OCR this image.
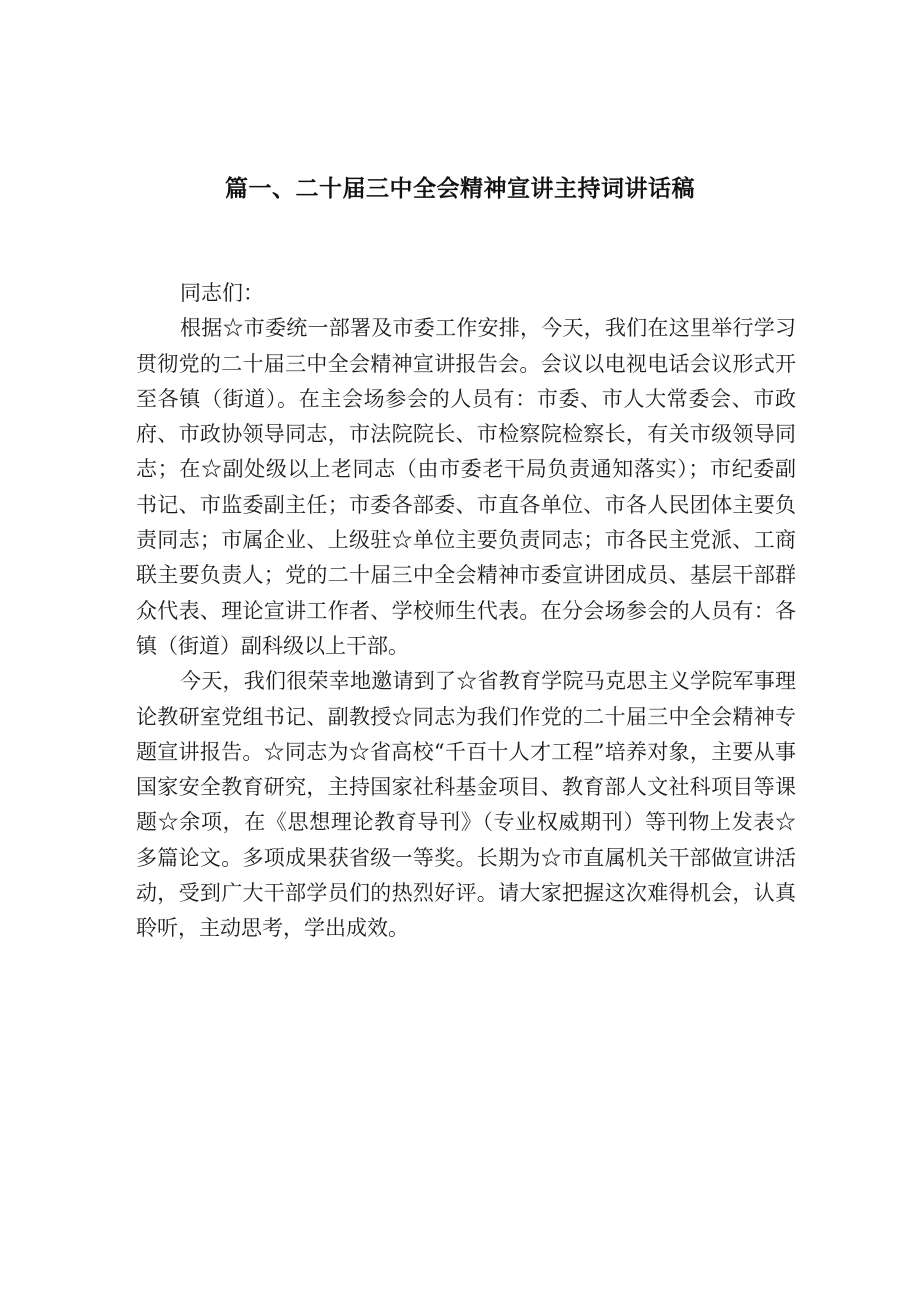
篇一、二十届三中全会精神宣讲主持词讲话稿

同志们：

根据☆市委统一部署及市委工作安排，今天，我们在这里举行学习贯彻党的二十届三中全会精神宣讲报告会。会议以电视电话会议形式开至各镇（街道）。在主会场参会的人员有：市委、市人大常委会、市政府、市政协领导同志，市法院院长、市检察院检察长，有关市级领导同志；在☆副处级以上老同志（由市委老干局负责通知落实）；市纪委副书记、市监委副主任；市委各部委、市直各单位、市各人民团体主要负责同志；市属企业、上级驻☆单位主要负责同志；市各民主党派、工商联主要负责人；党的二十届三中全会精神市委宣讲团成员、基层干部群众代表、理论宣讲工作者、学校师生代表。在分会场参会的人员有：各镇（街道）副科级以上干部。

今天，我们很荣幸地邀请到了☆省教育学院马克思主义学院军事理论教研室党组书记、副教授☆同志为我们作党的二十届三中全会精神专题宣讲报告。☆同志为☆省高校“千百十人才工程”培养对象，主要从事国家安全教育研究，主持国家社科基金项目、教育部人文社科项目等课题☆余项，在《思想理论教育导刊》（专业权威期刊）等刊物上发表☆多篇论文。多项成果获省级一等奖。长期为☆市直属机关干部做宣讲活动，受到广大干部学员们的热烈好评。请大家把握这次难得机会，认真聆听，主动思考，学出成效。
